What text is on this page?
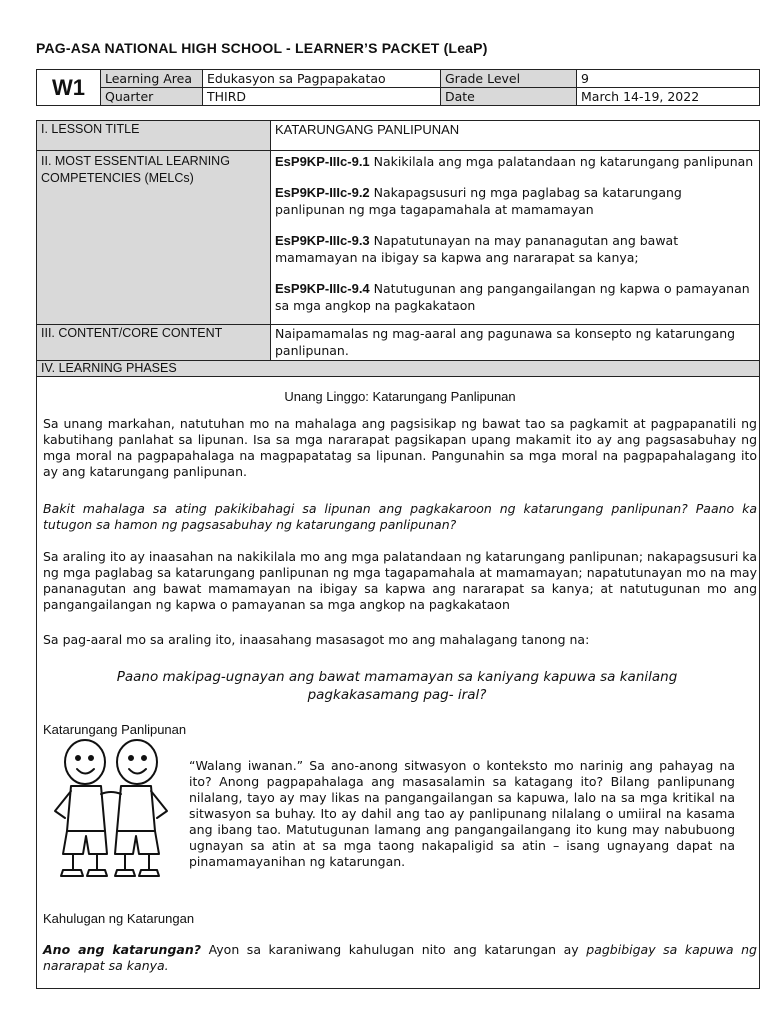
PAG-ASA NATIONAL HIGH SCHOOL - LEARNER’S PACKET (LeaP)
W1	Learning Area	Edukasyon sa Pagpapakatao	Grade Level	9
	Quarter	THIRD	Date	March 14-19, 2022
I. LESSON TITLE	KATARUNGANG PANLIPUNAN
II. MOST ESSENTIAL LEARNING COMPETENCIES (MELCs)	EsP9KP-IIIc-9.1 Nakikilala ang mga palatandaan ng katarungang panlipunan
EsP9KP-IIIc-9.2 Nakapagsusuri ng mga paglabag sa katarungang panlipunan ng mga tagapamahala at mamamayan
EsP9KP-IIIc-9.3 Napatutunayan na may pananagutan ang bawat mamamayan na ibigay sa kapwa ang nararapat sa kanya;
EsP9KP-IIIc-9.4 Natutugunan ang pangangailangan ng kapwa o pamayanan sa mga angkop na pagkakataon

III. CONTENT/CORE CONTENT	Naipamamalas ng mag-aaral ang pagunawa sa konsepto ng katarungang panlipunan.
IV. LEARNING PHASES	
Unang Linggo: Katarungang Panlipunan
Sa unang markahan, natutuhan mo na mahalaga ang pagsisikap ng bawat tao sa pagkamit at pagpapanatili ng kabutihang panlahat sa lipunan. Isa sa mga nararapat pagsikapan upang makamit ito ay ang pagsasabuhay ng mga moral na pagpapahalaga na magpapatatag sa lipunan. Pangunahin sa mga moral na pagpapahalagang ito ay ang katarungang panlipunan.
Bakit mahalaga sa ating pakikibahagi sa lipunan ang pagkakaroon ng katarungang panlipunan? Paano ka tutugon sa hamon ng pagsasabuhay ng katarungang panlipunan?
Sa araling ito ay inaasahan na nakikilala mo ang mga palatandaan ng katarungang panlipunan; nakapagsusuri ka ng mga paglabag sa katarungang panlipunan ng mga tagapamahala at mamamayan; napatutunayan mo na may pananagutan ang bawat mamamayan na ibigay sa kapwa ang nararapat sa kanya; at natutugunan mo ang pangangailangan ng kapwa o pamayanan sa mga angkop na pagkakataon
Sa pag-aaral mo sa araling ito, inaasahang masasagot mo ang mahalagang tanong na:
Paano makipag-ugnayan ang bawat mamamayan sa kaniyang kapuwa sa kanilang pagkakasamang pag- iral?
Katarungang Panlipunan
“Walang iwanan.” Sa ano-anong sitwasyon o konteksto mo narinig ang pahayag na ito? Anong pagpapahalaga ang masasalamin sa katagang ito? Bilang panlipunang nilalang, tayo ay may likas na pangangailangan sa kapuwa, lalo na sa mga kritikal na sitwasyon sa buhay. Ito ay dahil ang tao ay panlipunang nilalang o umiiral na kasama ang ibang tao. Matutugunan lamang ang pangangailangang ito kung may nabubuong ugnayan sa atin at sa mga taong nakapaligid sa atin – isang ugnayang dapat na pinamamayanihan ng katarungan.
Kahulugan ng Katarungan
Ano ang katarungan? Ayon sa karaniwang kahulugan nito ang katarungan ay pagbibigay sa kapuwa ng nararapat sa kanya.
